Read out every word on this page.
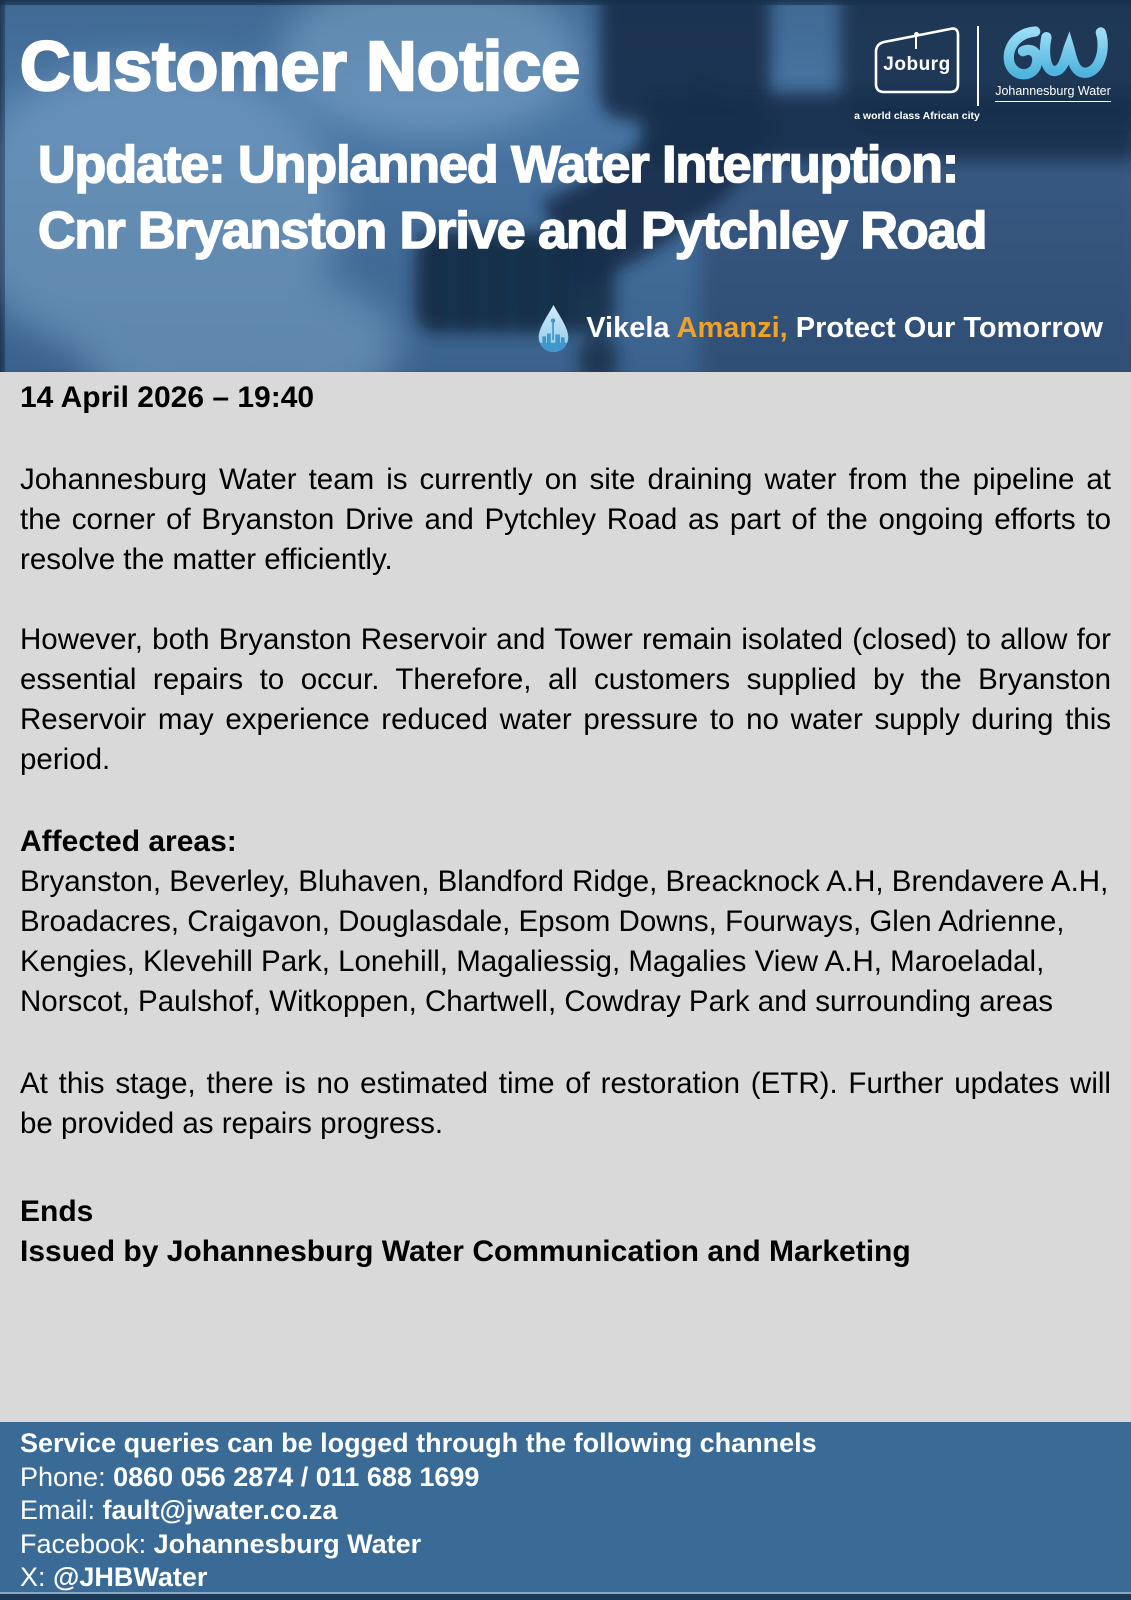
Customer Notice	Joburg
a world class African city
Johannesburg Water
Update: Unplanned Water Interruption:
Cnr Bryanston Drive and Pytchley Road
Vikela Amanzi, Protect Our Tomorrow
14 April 2026 – 19:40

Johannesburg Water team is currently on site draining water from the pipeline at the corner of Bryanston Drive and Pytchley Road as part of the ongoing efforts to resolve the matter efficiently.

However, both Bryanston Reservoir and Tower remain isolated (closed) to allow for essential repairs to occur. Therefore, all customers supplied by the Bryanston Reservoir may experience reduced water pressure to no water supply during this period.

Affected areas:
Bryanston, Beverley, Bluhaven, Blandford Ridge, Breacknock A.H, Brendavere A.H, Broadacres, Craigavon, Douglasdale, Epsom Downs, Fourways, Glen Adrienne, Kengies, Klevehill Park, Lonehill, Magaliessig, Magalies View A.H, Maroeladal, Norscot, Paulshof, Witkoppen, Chartwell, Cowdray Park and surrounding areas

At this stage, there is no estimated time of restoration (ETR). Further updates will be provided as repairs progress.

Ends
Issued by Johannesburg Water Communication and Marketing
Service queries can be logged through the following channels
Phone: 0860 056 2874 / 011 688 1699
Email: fault@jwater.co.za
Facebook: Johannesburg Water
X: @JHBWater
